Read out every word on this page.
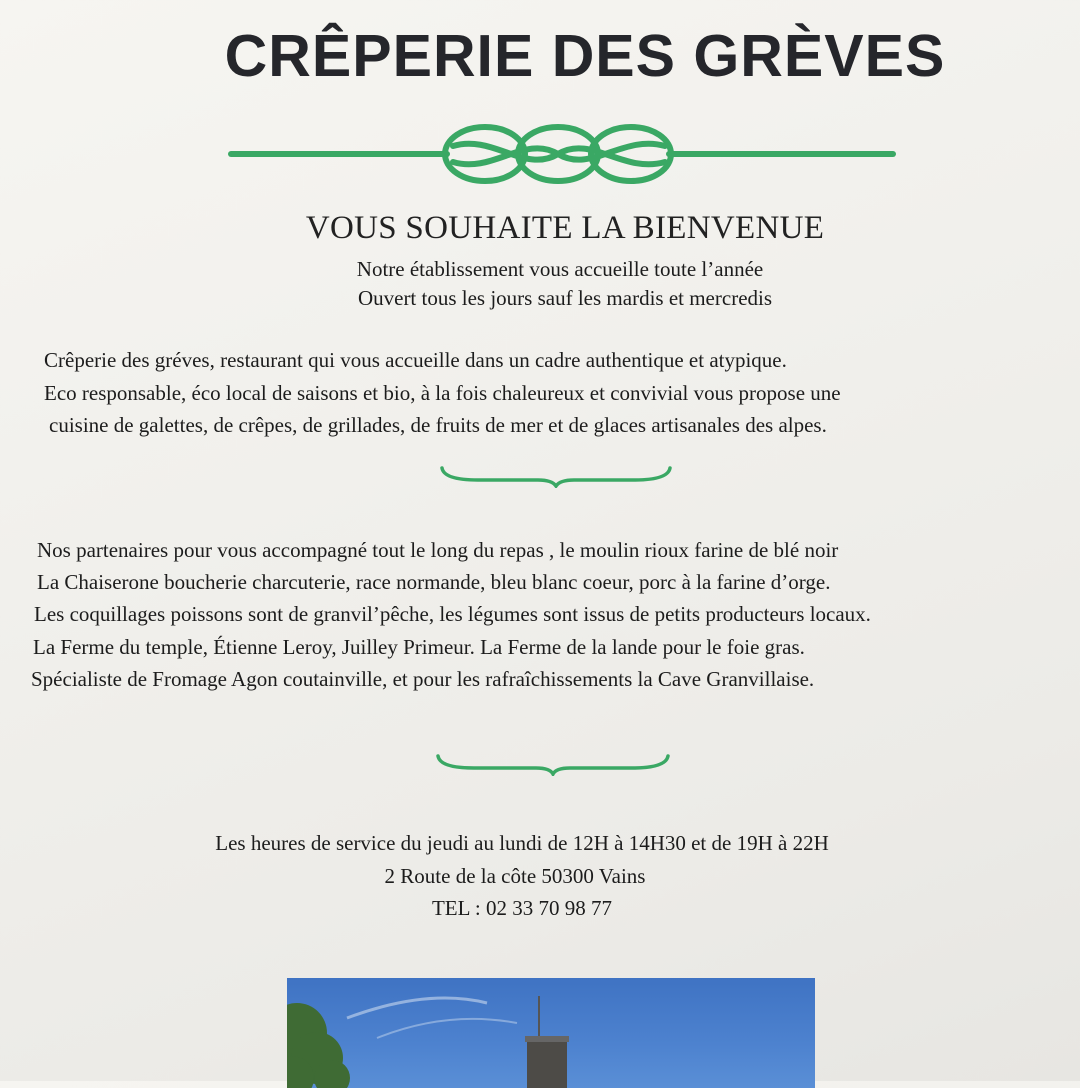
CRÊPERIE DES GRÈVES
VOUS SOUHAITE LA BIENVENUE
Notre établissement vous accueille toute l’année
Ouvert tous les jours sauf les mardis et mercredis
Crêperie des gréves, restaurant qui vous accueille dans un cadre authentique et atypique.
Eco responsable, éco local de saisons et bio, à la fois chaleureux et convivial vous propose une
cuisine de galettes, de crêpes, de grillades, de fruits de mer et de glaces artisanales des alpes.
Nos partenaires pour vous accompagné tout le long du repas , le moulin rioux farine de blé noir
La Chaiserone boucherie charcuterie, race normande, bleu blanc coeur, porc à la farine d’orge.
Les coquillages poissons sont de granvil’pêche, les légumes sont issus de petits producteurs locaux.
La Ferme du temple, Étienne Leroy, Juilley Primeur. La Ferme de la lande pour le foie gras.
Spécialiste de Fromage Agon coutainville, et pour les rafraîchissements la Cave Granvillaise.
Les heures de service du jeudi au lundi de 12H à 14H30 et de 19H à 22H
2 Route de la côte 50300 Vains
TEL : 02 33 70 98 77
